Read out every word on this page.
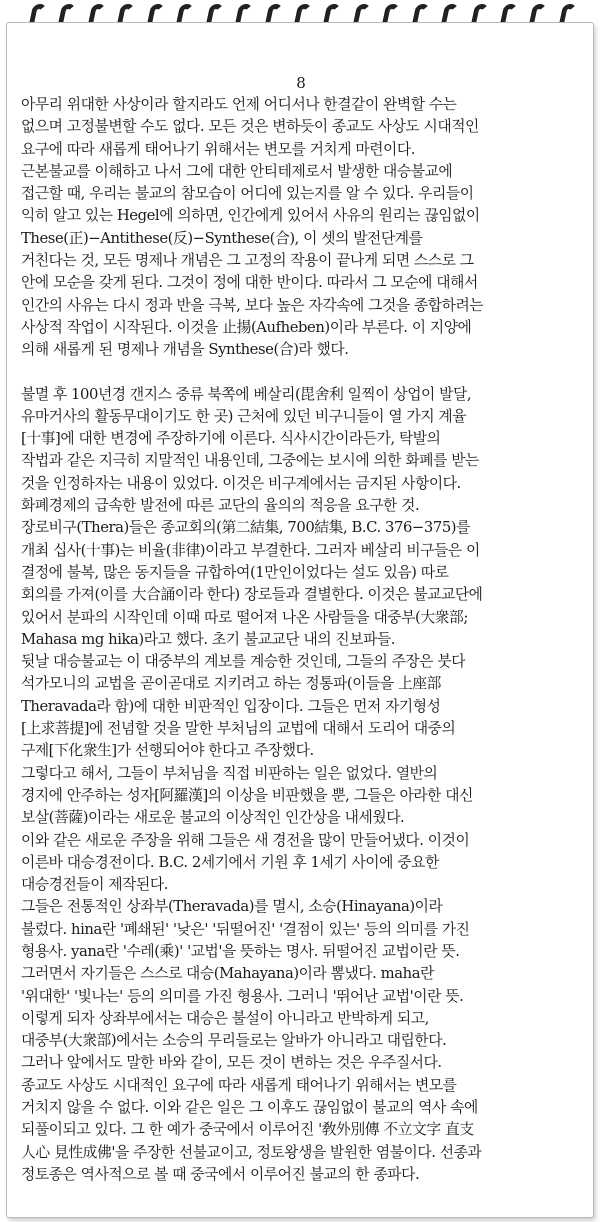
8

아무리 위대한 사상이라 할지라도 언제 어디서나 한결같이 완벽할 수는

없으며 고정불변할 수도 없다. 모든 것은 변하듯이 종교도 사상도 시대적인

요구에 따라 새롭게 태어나기 위해서는 변모를 거치게 마련이다.

근본불교를 이해하고 나서 그에 대한 안티테제로서 발생한 대승불교에

접근할 때, 우리는 불교의 참모습이 어디에 있는지를 알 수 있다. 우리들이

익히 알고 있는 Hegel에 의하면, 인간에게 있어서 사유의 원리는 끊임없이

These(正)−Antithese(反)−Synthese(合), 이 셋의 발전단계를

거친다는 것, 모든 명제나 개념은 그 고정의 작용이 끝나게 되면 스스로 그

안에 모순을 갖게 된다. 그것이 정에 대한 반이다. 따라서 그 모순에 대해서

인간의 사유는 다시 정과 반을 극복, 보다 높은 자각속에 그것을 종합하려는

사상적 작업이 시작된다. 이것을 止揚(Aufheben)이라 부른다. 이 지양에

의해 새롭게 된 명제나 개념을 Synthese(合)라 했다.

불멸 후 100년경 갠지스 중류 북쪽에 베살리(毘舍利 일찍이 상업이 발달,

유마거사의 활동무대이기도 한 곳) 근처에 있던 비구니들이 열 가지 계율

[十事]에 대한 변경에 주장하기에 이른다. 식사시간이라든가, 탁발의

작법과 같은 지극히 지말적인 내용인데, 그중에는 보시에 의한 화폐를 받는

것을 인정하자는 내용이 있었다. 이것은 비구계에서는 금지된 사항이다.

화폐경제의 급속한 발전에 따른 교단의 율의의 적응을 요구한 것.

장로비구(Thera)들은 종교회의(第二結集, 700結集, B.C. 376−375)를

개최 십사(十事)는 비율(非律)이라고 부결한다. 그러자 베살리 비구들은 이

결정에 불복, 많은 동지들을 규합하여(1만인이었다는 설도 있음) 따로

회의를 가져(이를 大合誦이라 한다) 장로들과 결별한다. 이것은 불교교단에

있어서 분파의 시작인데 이때 따로 떨어져 나온 사람들을 대중부(大衆部;

Mahasa mg hika)라고 했다. 초기 불교교단 내의 진보파들.

뒷날 대승불교는 이 대중부의 계보를 계승한 것인데, 그들의 주장은 붓다

석가모니의 교법을 곧이곧대로 지키려고 하는 정통파(이들을 上座部

Theravada라 함)에 대한 비판적인 입장이다. 그들은 먼저 자기형성

[上求菩提]에 전념할 것을 말한 부처님의 교법에 대해서 도리어 대중의

구제[下化衆生]가 선행되어야 한다고 주장했다.

그렇다고 해서, 그들이 부처님을 직접 비판하는 일은 없었다. 열반의

경지에 안주하는 성자[阿羅漢]의 이상을 비판했을 뿐, 그들은 아라한 대신

보살(菩薩)이라는 새로운 불교의 이상적인 인간상을 내세웠다.

이와 같은 새로운 주장을 위해 그들은 새 경전을 많이 만들어냈다. 이것이

이른바 대승경전이다. B.C. 2세기에서 기원 후 1세기 사이에 중요한

대승경전들이 제작된다.

그들은 전통적인 상좌부(Theravada)를 멸시, 소승(Hinayana)이라

불렀다. hina란 '폐쇄된' '낮은' '뒤떨어진' '결점이 있는' 등의 의미를 가진

형용사. yana란 '수레(乘)' '교법'을 뜻하는 명사. 뒤떨어진 교법이란 뜻.

그러면서 자기들은 스스로 대승(Mahayana)이라 뽐냈다. maha란

'위대한' '빛나는' 등의 의미를 가진 형용사. 그러니 '뛰어난 교법'이란 뜻.

이렇게 되자 상좌부에서는 대승은 불설이 아니라고 반박하게 되고,

대중부(大衆部)에서는 소승의 무리들로는 알바가 아니라고 대립한다.

그러나 앞에서도 말한 바와 같이, 모든 것이 변하는 것은 우주질서다.

종교도 사상도 시대적인 요구에 따라 새롭게 태어나기 위해서는 변모를

거치지 않을 수 없다. 이와 같은 일은 그 이후도 끊임없이 불교의 역사 속에

되풀이되고 있다. 그 한 예가 중국에서 이루어진 '敎外別傳 不立文字 直支

人心 見性成佛'을 주장한 선불교이고, 정토왕생을 발원한 염불이다. 선종과

정토종은 역사적으로 볼 때 중국에서 이루어진 불교의 한 종파다.
